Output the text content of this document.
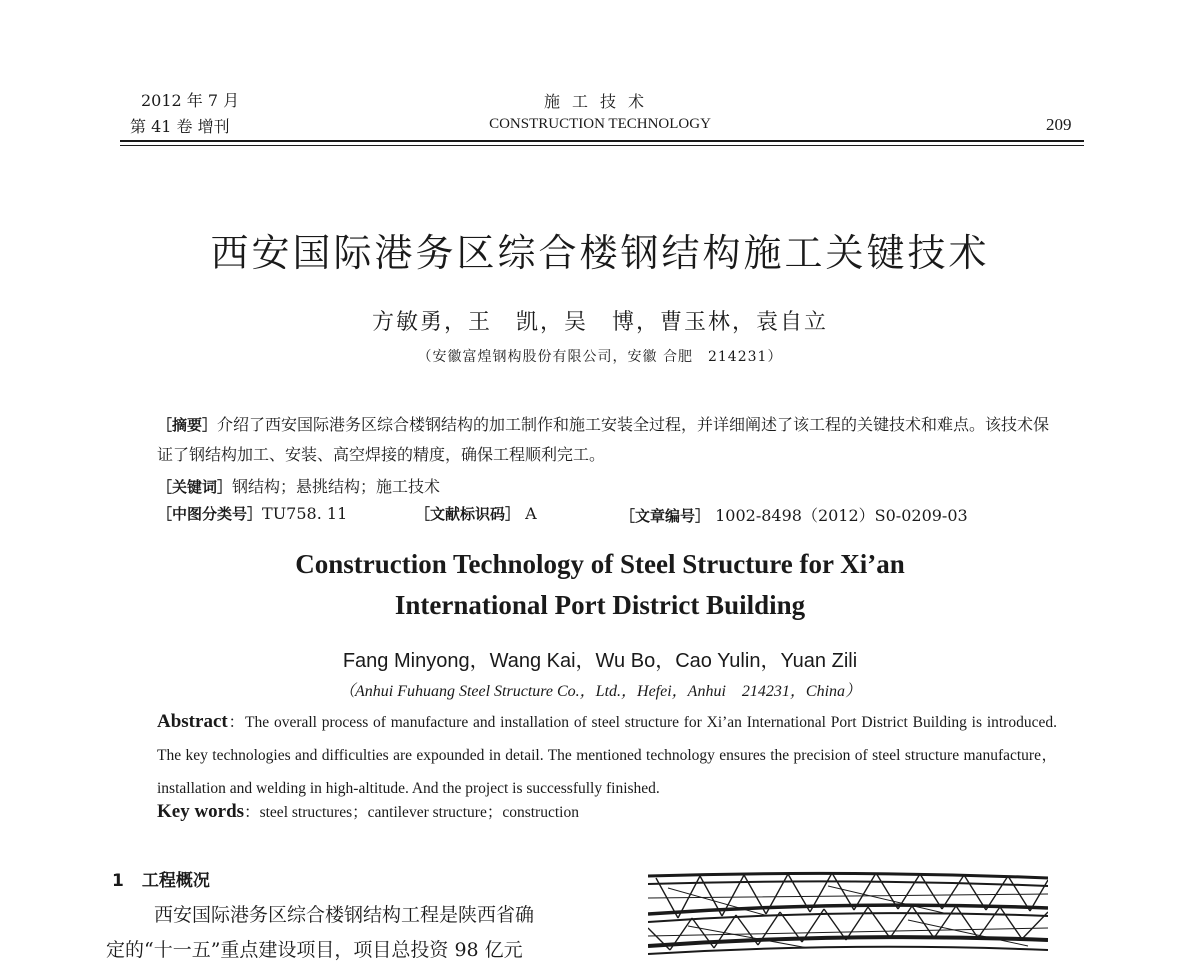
2012 年 7 月
第 41 卷 增刊
施工技术
CONSTRUCTION TECHNOLOGY	209
西安国际港务区综合楼钢结构施工关键技术
方敏勇，王　凯，吴　博，曹玉林，袁自立
（安徽富煌钢构股份有限公司，安徽 合肥　214231）
［摘要］介绍了西安国际港务区综合楼钢结构的加工制作和施工安装全过程，并详细阐述了该工程的关键技术和难点。该技术保证了钢结构加工、安装、高空焊接的精度，确保工程顺利完工。
［关键词］钢结构；悬挑结构；施工技术
［中图分类号］TU758. 11	［文献标识码］ A	［文章编号］ 1002-8498（2012）S0-0209-03
Construction Technology of Steel Structure for Xi’an
International Port District Building
Fang Minyong，Wang Kai，Wu Bo，Cao Yulin，Yuan Zili
（Anhui Fuhuang Steel Structure Co.，Ltd.，Hefei，Anhui　214231，China）
Abstract：The overall process of manufacture and installation of steel structure for Xi’an International Port District Building is introduced. The key technologies and difficulties are expounded in detail. The mentioned technology ensures the precision of steel structure manufacture，installation and welding in high-altitude. And the project is successfully finished.
Key words：steel structures；cantilever structure；construction
1 工程概况
西安国际港务区综合楼钢结构工程是陕西省确
定的“十一五”重点建设项目，项目总投资 98 亿元
